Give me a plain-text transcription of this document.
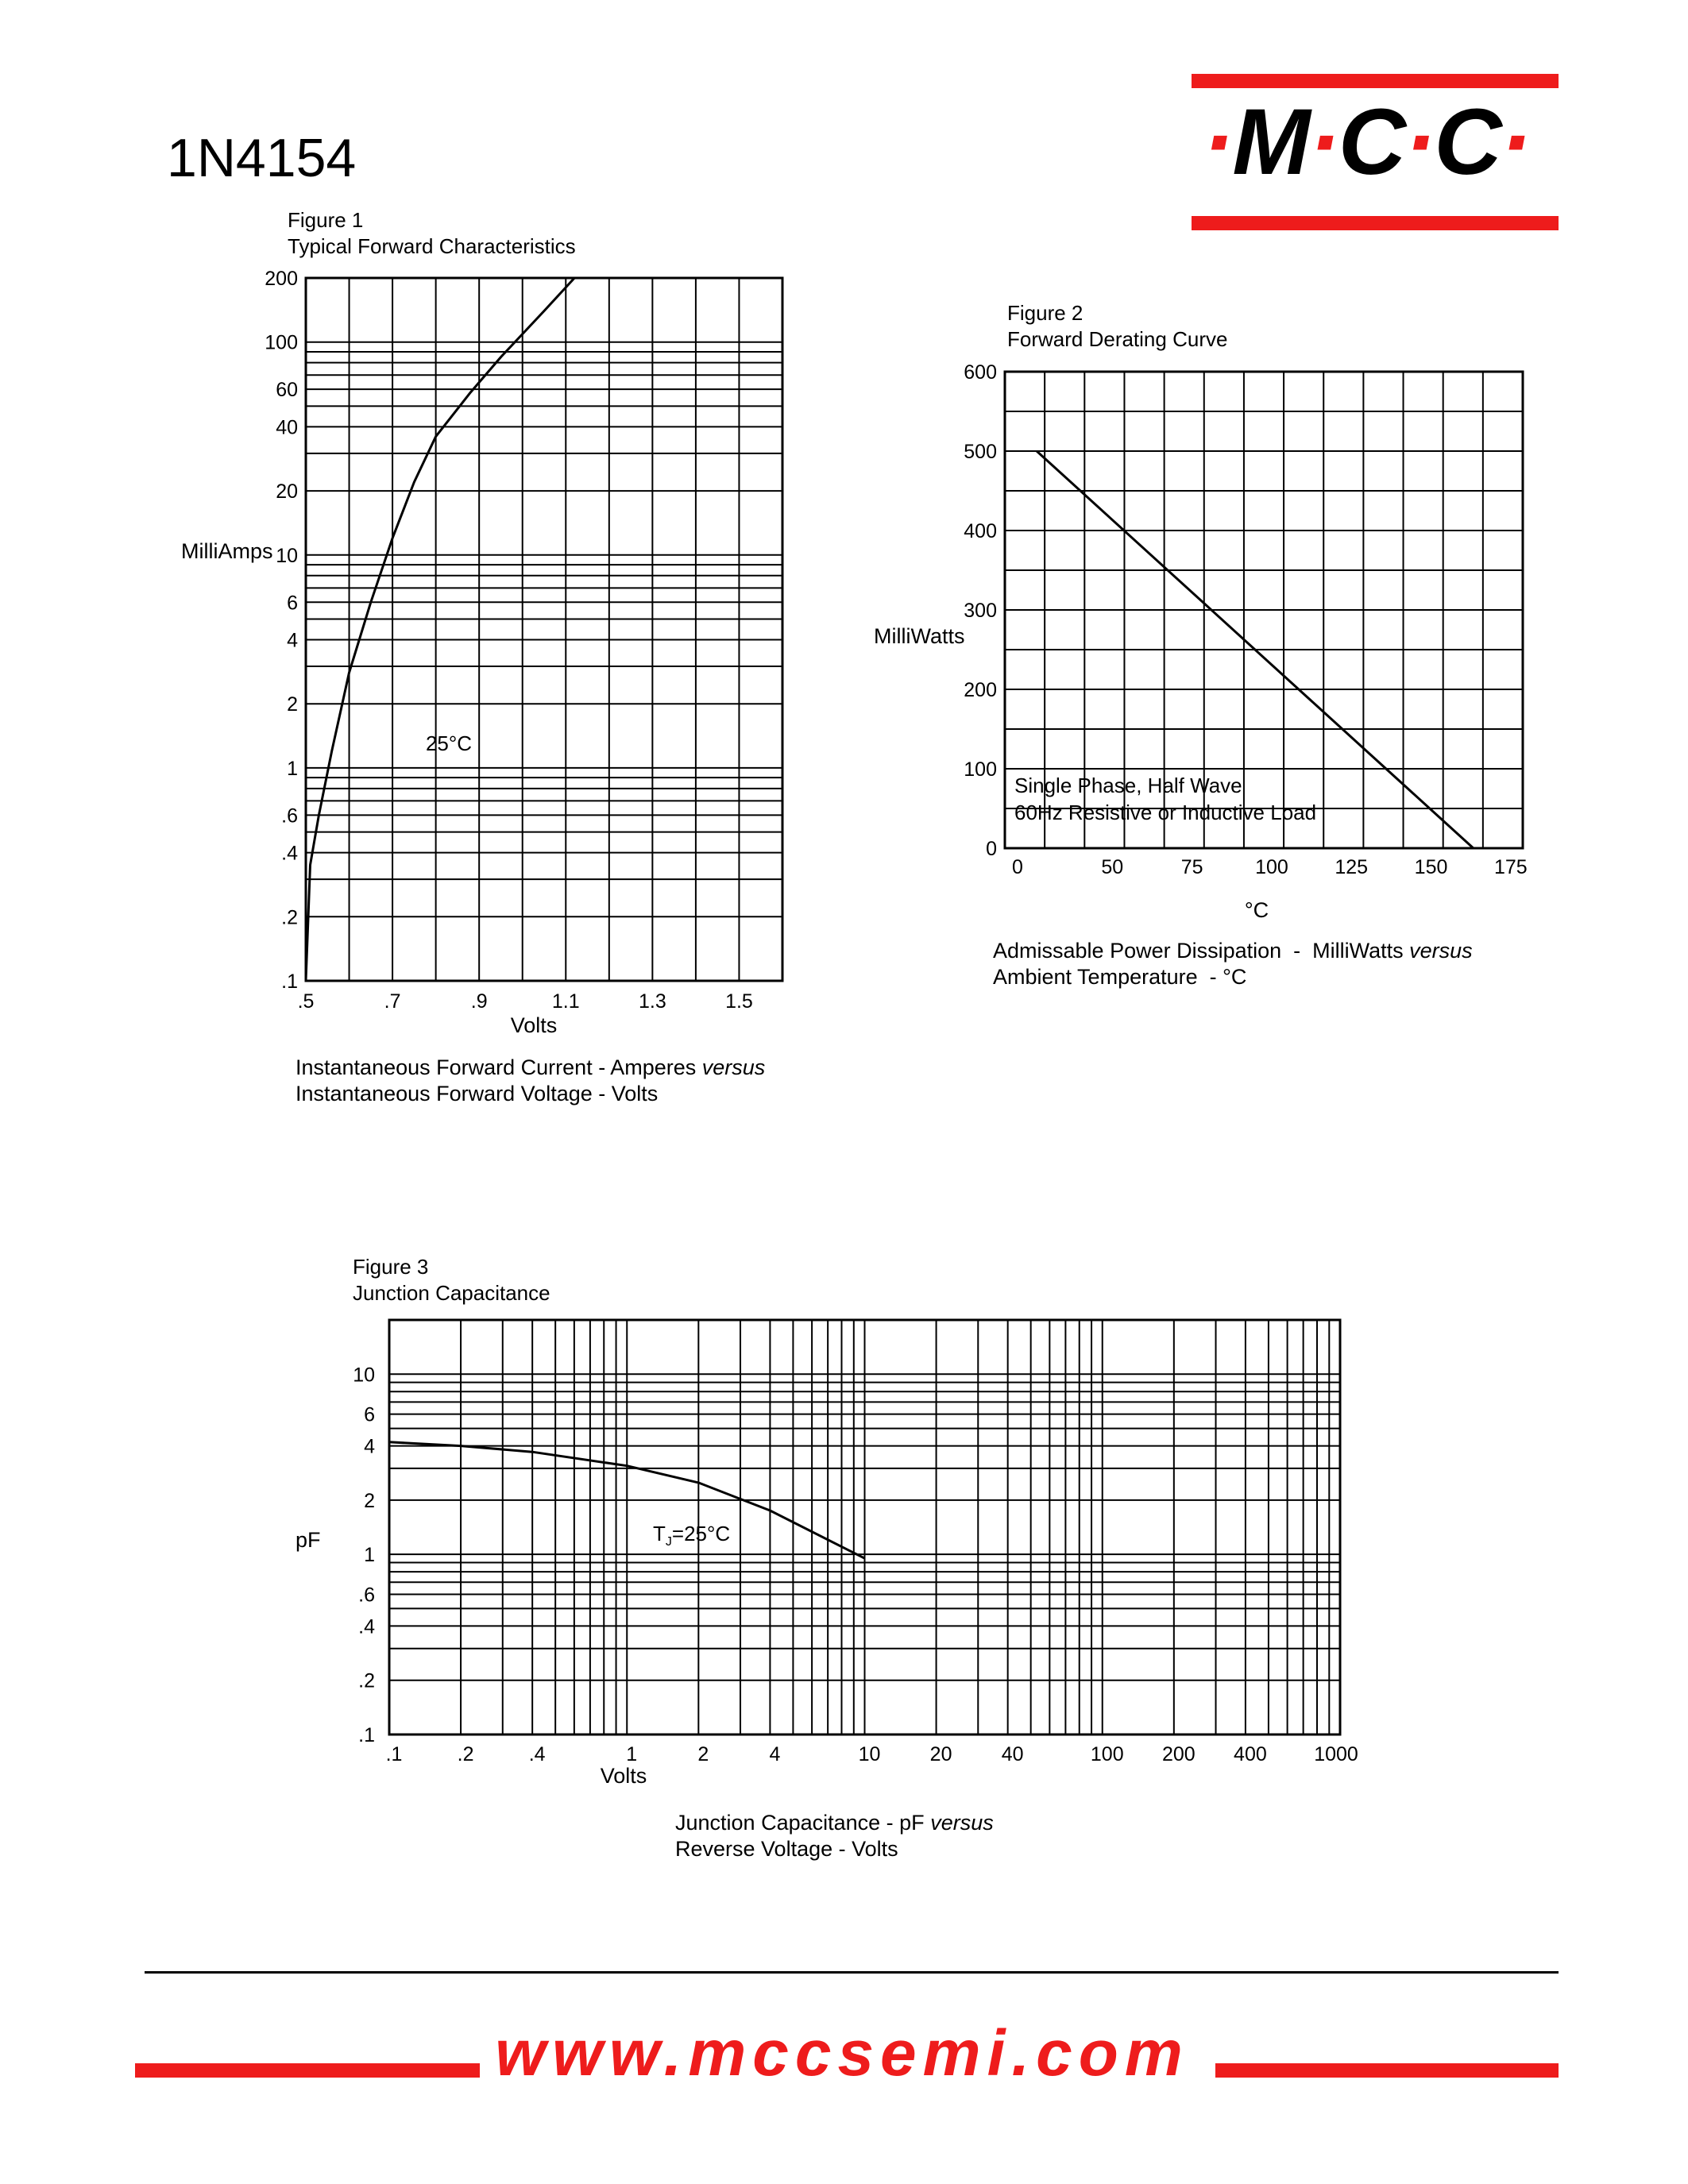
1N4154	·M·C·C·
Figure 1
Typical Forward Characteristics
Figure 2
Forward Derating Curve
Figure 3
Junction Capacitance
.1
.2
.4
.6
1
2
4
6
10
20
40
60
100
200
.5	.7	.9	1.1	1.3	1.5
Volts
MilliAmps
25°C
0
100
200
300
400
500
600
0	50	75	100 125 150 175
°C
MilliWatts
Single Phase, Half Wave
60Hz Resistive or Inductive Load
.1
.2
.4
.6
1
2
4
6
10
.1	.2	.4	1	2	4	10 20 40	100 200 400 1000
Volts
pF	$T_J=25^\circ C$
Instantaneous Forward Current - Amperes versus
Instantaneous Forward Voltage - Volts
Admissable Power Dissipation  -  MilliWatts versus
Ambient Temperature  - °C
Junction Capacitance - pF versus
Reverse Voltage - Volts
www.mccsemi.com
